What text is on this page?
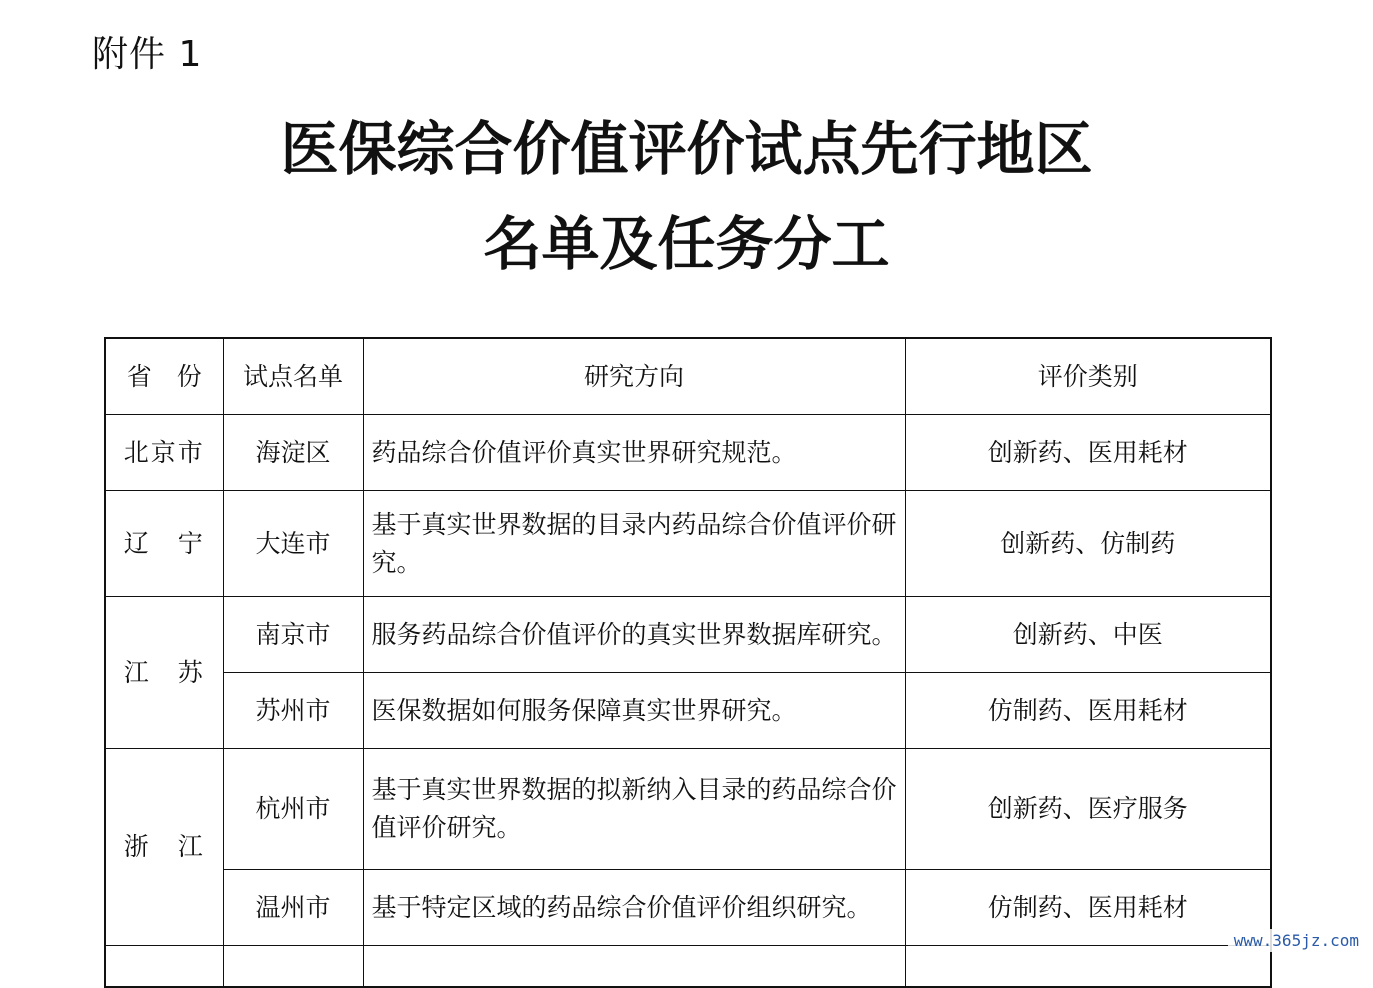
附件 1
医保综合价值评价试点先行地区
名单及任务分工
省　份	试点名单	研究方向	评价类别
北京市	海淀区	药品综合价值评价真实世界研究规范。	创新药、医用耗材
辽　宁	大连市	基于真实世界数据的目录内药品综合价值评价研究。	创新药、仿制药
江　苏	南京市	服务药品综合价值评价的真实世界数据库研究。	创新药、中医
	苏州市	医保数据如何服务保障真实世界研究。	仿制药、医用耗材
浙　江	杭州市	基于真实世界数据的拟新纳入目录的药品综合价值评价研究。	创新药、医疗服务
	温州市	基于特定区域的药品综合价值评价组织研究。	仿制药、医用耗材

www.365jz.com
